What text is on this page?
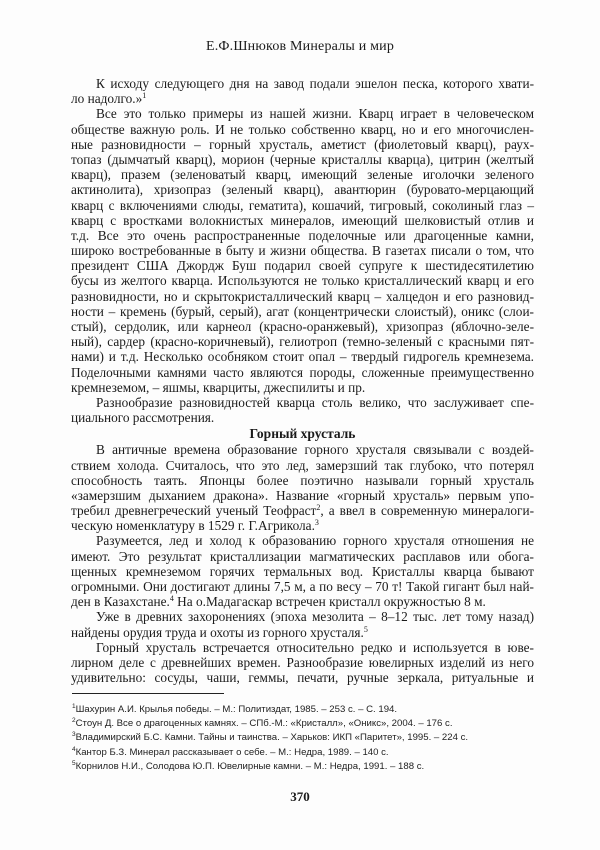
Е.Ф.Шнюков Минералы и мир
К исходу следующего дня на завод подали эшелон песка, которого хвати-
ло надолго.»$^1$
Все это только примеры из нашей жизни. Кварц играет в человеческом
обществе важную роль. И не только собственно кварц, но и его многочислен-
ные разновидности – горный хрусталь, аметист (фиолетовый кварц), раух-
топаз (дымчатый кварц), морион (черные кристаллы кварца), цитрин (желтый
кварц), празем (зеленоватый кварц, имеющий зеленые иголочки зеленого
актинолита), хризопраз (зеленый кварц), авантюрин (буровато-мерцающий
кварц с включениями слюды, гематита), кошачий, тигровый, соколиный глаз –
кварц с вростками волокнистых минералов, имеющий шелковистый отлив и
т.д. Все это очень распространенные поделочные или драгоценные камни,
широко востребованные в быту и жизни общества. В газетах писали о том, что
президент США Джордж Буш подарил своей супруге к шестидесятилетию
бусы из желтого кварца. Используются не только кристаллический кварц и его
разновидности, но и скрытокристаллический кварц – халцедон и его разновид-
ности – кремень (бурый, серый), агат (концентрически слоистый), оникс (слои-
стый), сердолик, или карнеол (красно-оранжевый), хризопраз (яблочно-зеле-
ный), сардер (красно-коричневый), гелиотроп (темно-зеленый с красными пят-
нами) и т.д. Несколько особняком стоит опал – твердый гидрогель кремнезема.
Поделочными камнями часто являются породы, сложенные преимущественно
кремнеземом, – яшмы, кварциты, джеспилиты и пр.
Разнообразие разновидностей кварца столь велико, что заслуживает спе-
циального рассмотрения.
Горный хрусталь
В античные времена образование горного хрусталя связывали с воздей-
ствием холода. Считалось, что это лед, замерзший так глубоко, что потерял
способность таять. Японцы более поэтично называли горный хрусталь
«замерзшим дыханием дракона». Название «горный хрусталь» первым упо-
требил древнегреческий ученый Теофраст$^2$, а ввел в современную минералоги-
ческую номенклатуру в 1529 г. Г.Агрикола.$^3$
Разумеется, лед и холод к образованию горного хрусталя отношения не
имеют. Это результат кристаллизации магматических расплавов или обога-
щенных кремнеземом горячих термальных вод. Кристаллы кварца бывают
огромными. Они достигают длины 7,5 м, а по весу – 70 т! Такой гигант был най-
ден в Казахстане.$^4$ На о.Мадагаскар встречен кристалл окружностью 8 м.
Уже в древних захоронениях (эпоха мезолита – 8–12 тыс. лет тому назад)
найдены орудия труда и охоты из горного хрусталя.$^5$
Горный хрусталь встречается относительно редко и используется в юве-
лирном деле с древнейших времен. Разнообразие ювелирных изделий из него
удивительно: сосуды, чаши, геммы, печати, ручные зеркала, ритуальные и
$^1$Шахурин А.И. Крылья победы. – М.: Политиздат, 1985. – 253 с. – С. 194.
$^2$Стоун Д. Все о драгоценных камнях. – СПб.-М.: «Кристалл», «Оникс», 2004. – 176 с.
$^3$Владимирский Б.С. Камни. Тайны и таинства. – Харьков: ИКП «Паритет», 1995. – 224 с.
$^4$Кантор Б.З. Минерал рассказывает о себе. – М.: Недра, 1989. – 140 с.
$^5$Корнилов Н.И., Солодова Ю.П. Ювелирные камни. – М.: Недра, 1991. – 188 с.
370
